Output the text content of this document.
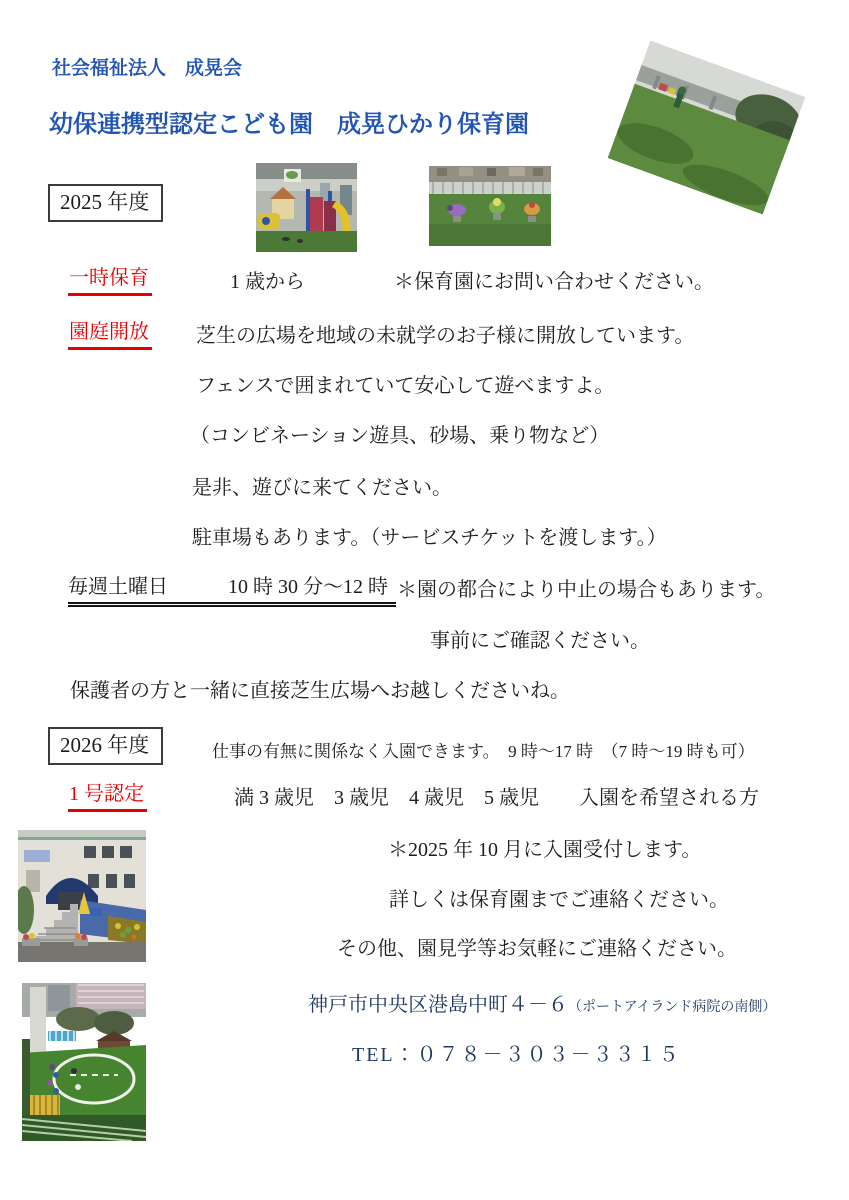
社会福祉法人　成晃会
幼保連携型認定こども園　成晃ひかり保育園
2025 年度
一時保育	1 歳から	＊保育園にお問い合わせください。
園庭開放 芝生の広場を地域の未就学のお子様に開放しています。
フェンスで囲まれていて安心して遊べますよ。
（コンビネーション遊具、砂場、乗り物など）
是非、遊びに来てください。
駐車場もあります。（サービスチケットを渡します。）
毎週土曜日　　　10 時 30 分～12 時 ＊園の都合により中止の場合もあります。
事前にご確認ください。
保護者の方と一緒に直接芝生広場へお越しくださいね。
2026 年度	仕事の有無に関係なく入園できます。　9 時～17 時　（7 時～19 時も可）
1 号認定	満 3 歳児　3 歳児　4 歳児　5 歳児　　入園を希望される方
＊2025 年 10 月に入園受付します。
詳しくは保育園までご連絡ください。
その他、園見学等お気軽にご連絡ください。
神戸市中央区港島中町４－６（ポートアイランド病院の南側）
TEL：０７８－３０３－３３１５
